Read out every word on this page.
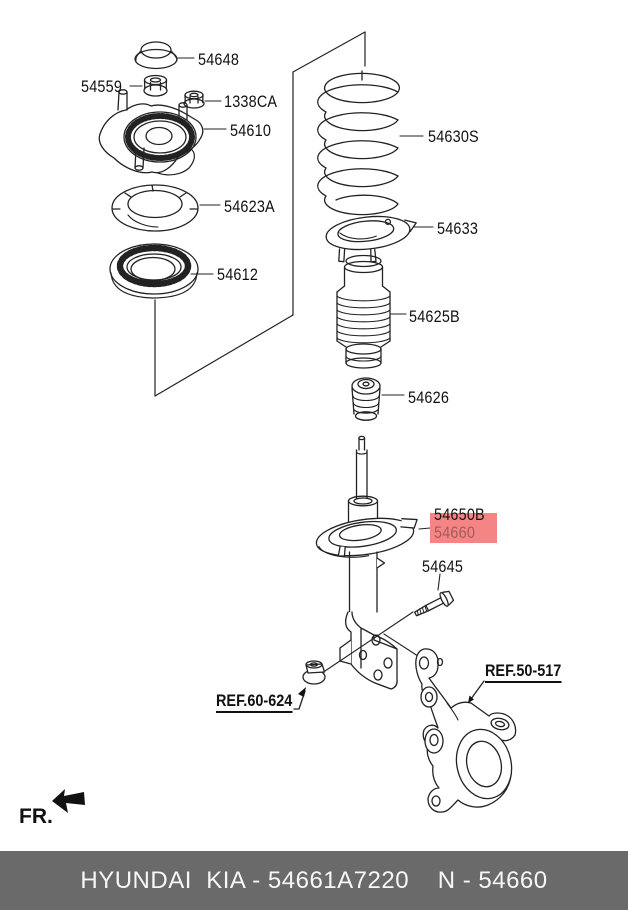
54648
54559
1338CA
54610
54623A
54612
54630S
54633
54625B
54626
54650B
54660
54645
REF.50-517
REF.60-624
FR.
HYUNDAI  KIA - 54661A7220    N - 54660
